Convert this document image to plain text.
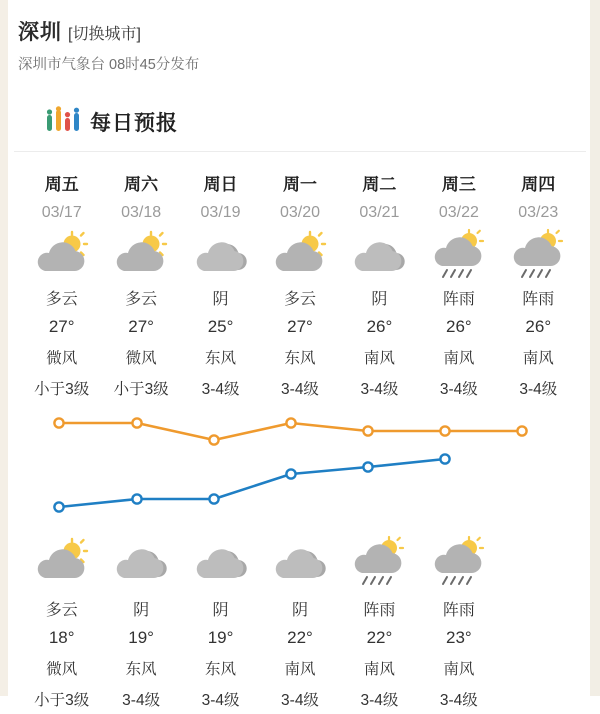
深圳 [切换城市]
深圳市气象台 08时45分发布
每日预报
周五
03/17
多云
27°
微风
小于3级
周六
03/18
多云
27°
微风
小于3级
周日
03/19
阴
25°
东风
3-4级
周一
03/20
多云
27°
东风
3-4级
周二
03/21
阴
26°
南风
3-4级
周三
03/22
阵雨
26°
南风
3-4级
周四
03/23
阵雨
26°
南风
3-4级
多云
18°
微风
小于3级
阴
19°
东风
3-4级
阴
19°
东风
3-4级
阴
22°
南风
3-4级
阵雨
22°
南风
3-4级
阵雨
23°
南风
3-4级
